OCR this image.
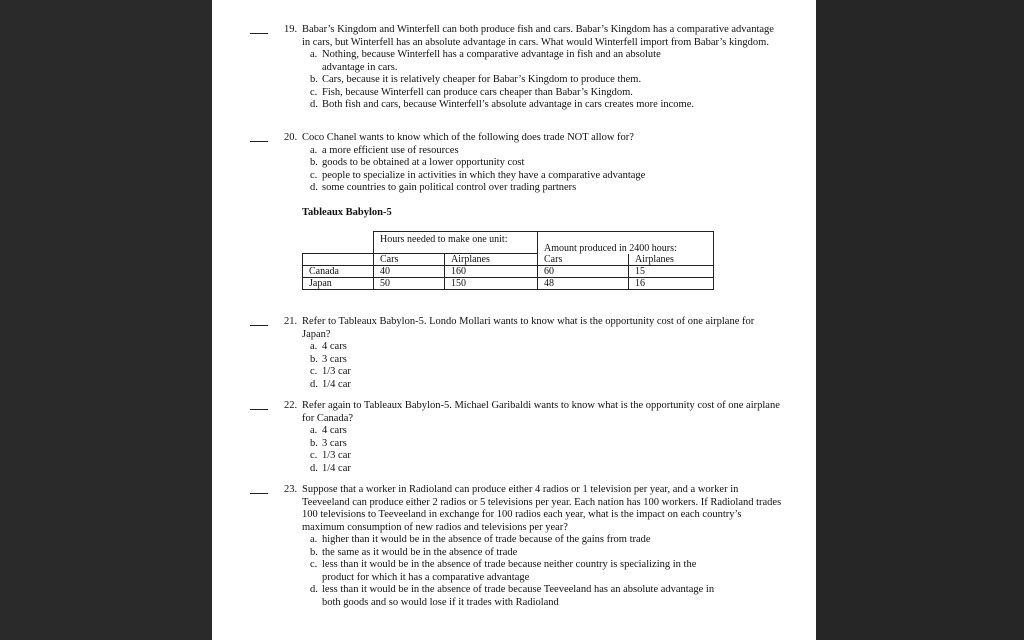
19. Babar’s Kingdom and Winterfell can both produce fish and cars. Babar’s Kingdom has a comparative advantage in cars, but Winterfell has an absolute advantage in cars. What would Winterfell import from Babar’s kingdom.
a. Nothing, because Winterfell has a comparative advantage in fish and an absolute advantage in cars.
b. Cars, because it is relatively cheaper for Babar’s Kingdom to produce them.
c. Fish, because Winterfell can produce cars cheaper than Babar’s Kingdom.
d. Both fish and cars, because Winterfell’s absolute advantage in cars creates more income.
20. Coco Chanel wants to know which of the following does trade NOT allow for?
a. a more efficient use of resources
b. goods to be obtained at a lower opportunity cost
c. people to specialize in activities in which they have a comparative advantage
d. some countries to gain political control over trading partners
Tableaux Babylon-5
	Hours needed to make one unit:		Amount produced in 2400 hours:	
	Cars	Airplanes	Cars	Airplanes
Canada	40	160	60	15
Japan	50	150	48	16
21. Refer to Tableaux Babylon-5. Londo Mollari wants to know what is the opportunity cost of one airplane for Japan?
a. 4 cars
b. 3 cars
c. 1/3 car
d. 1/4 car
22. Refer again to Tableaux Babylon-5. Michael Garibaldi wants to know what is the opportunity cost of one airplane for Canada?
a. 4 cars
b. 3 cars
c. 1/3 car
d. 1/4 car
23. Suppose that a worker in Radioland can produce either 4 radios or 1 television per year, and a worker in Teeveeland can produce either 2 radios or 5 televisions per year. Each nation has 100 workers. If Radioland trades 100 televisions to Teeveeland in exchange for 100 radios each year, what is the impact on each country’s maximum consumption of new radios and televisions per year?
a. higher than it would be in the absence of trade because of the gains from trade
b. the same as it would be in the absence of trade
c. less than it would be in the absence of trade because neither country is specializing in the product for which it has a comparative advantage
d. less than it would be in the absence of trade because Teeveeland has an absolute advantage in both goods and so would lose if it trades with Radioland
